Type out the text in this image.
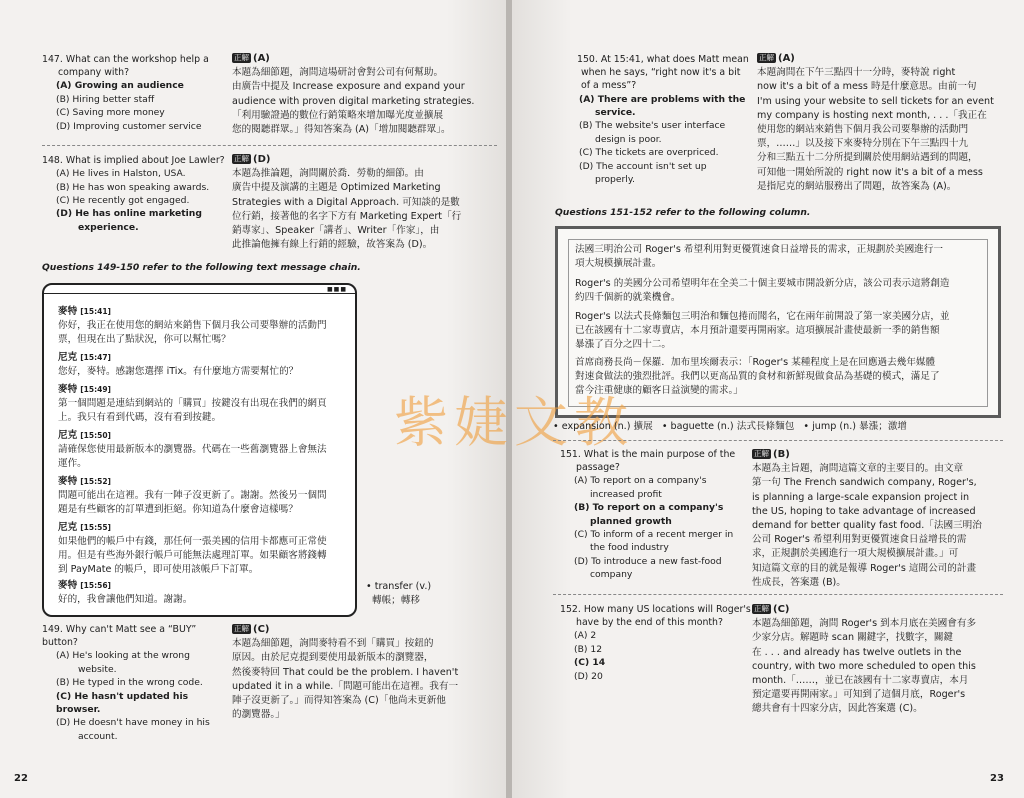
147. What can the workshop help a
company with?
(A) Growing an audience
(B) Hiring better staff
(C) Saving more money
(D) Improving customer service
正解 (A)
本題為細節題，詢問這場研討會對公司有何幫助。
由廣告中提及 Increase exposure and expand your
audience with proven digital marketing strategies.
「利用驗證過的數位行銷策略來增加曝光度並擴展
您的閱聽群眾。」得知答案為 (A)「增加閱聽群眾」。
148. What is implied about Joe Lawler?
(A) He lives in Halston, USA.
(B) He has won speaking awards.
(C) He recently got engaged.
(D) He has online marketing
experience.
正解 (D)
本題為推論題，詢問關於喬．勞勒的細節。由
廣告中提及演講的主題是 Optimized Marketing
Strategies with a Digital Approach. 可知談的是數
位行銷，接著他的名字下方有 Marketing Expert「行
銷專家」、Speaker「講者」、Writer「作家」，由
此推論他擁有線上行銷的經驗，故答案為 (D)。
Questions 149-150 refer to the following text message chain.
■■■
麥特 [15:41]
你好，我正在使用您的網站來銷售下個月我公司要舉辦的活動門
票，但現在出了點狀況，你可以幫忙嗎？
尼克 [15:47]
您好，麥特。感謝您選擇 iTix。有什麼地方需要幫忙的？
麥特 [15:49]
第一個問題是連結到網站的「購買」按鍵沒有出現在我們的網頁
上。我只有看到代碼，沒有看到按鍵。
尼克 [15:50]
請確保您使用最新版本的瀏覽器。代碼在一些舊瀏覽器上會無法
運作。
麥特 [15:52]
問題可能出在這裡。我有一陣子沒更新了。謝謝。然後另一個問
題是有些顧客的訂單遭到拒絕。你知道為什麼會這樣嗎？
尼克 [15:55]
如果他們的帳戶中有錢，那任何一張美國的信用卡都應可正常使
用。但是有些海外銀行帳戶可能無法處理訂單。如果顧客將錢轉
到 PayMate 的帳戶，即可使用該帳戶下訂單。
麥特 [15:56]
好的，我會讓他們知道。謝謝。
• transfer (v.)
轉帳；轉移
149. Why can't Matt see a “BUY” button?
(A) He's looking at the wrong
website.
(B) He typed in the wrong code.
(C) He hasn't updated his browser.
(D) He doesn't have money in his
account.
正解 (C)
本題為細節題，詢問麥特看不到「購買」按鈕的
原因。由於尼克提到要使用最新版本的瀏覽器，
然後麥特回 That could be the problem. I haven't
updated it in a while.「問題可能出在這裡。我有一
陣子沒更新了。」而得知答案為 (C)「他尚未更新他
的瀏覽器。」
22
150. At 15:41, what does Matt mean
when he says, “right now it's a bit
of a mess”?
(A) There are problems with the
service.
(B) The website's user interface
design is poor.
(C) The tickets are overpriced.
(D) The account isn't set up
properly.
正解 (A)
本題詢問在下午三點四十一分時，麥特說 right
now it's a bit of a mess 時是什麼意思。由前一句
I'm using your website to sell tickets for an event
my company is hosting next month, . . .「我正在
使用您的網站來銷售下個月我公司要舉辦的活動門
票，……」以及接下來麥特分別在下午三點四十九
分和三點五十二分所提到關於使用網站遇到的問題，
可知他一開始所說的 right now it's a bit of a mess
是指尼克的網站服務出了問題，故答案為 (A)。
Questions 151-152 refer to the following column.
法國三明治公司 Roger's 希望利用對更優質速食日益增長的需求，正規劃於美國進行一
項大規模擴展計畫。
Roger's 的美國分公司希望明年在全美二十個主要城市開設新分店，該公司表示這將創造
約四千個新的就業機會。
Roger's 以法式長條麵包三明治和麵包捲而聞名，它在兩年前開設了第一家美國分店，並
已在該國有十二家專賣店，本月預計還要再開兩家。這項擴展計畫使最新一季的銷售額
暴漲了百分之四十二。
首席商務長尚－保羅．加布里埃爾表示：「Roger's 某種程度上是在回應過去幾年媒體
對速食做法的強烈批評。我們以更高品質的食材和新鮮現做食品為基礎的模式，滿足了
當今注重健康的顧客日益演變的需求。」
紫婕文教
• expansion (n.) 擴展   • baguette (n.) 法式長條麵包   • jump (n.) 暴漲；激增
151. What is the main purpose of the
passage?
(A) To report on a company's
increased profit
(B) To report on a company's
planned growth
(C) To inform of a recent merger in
the food industry
(D) To introduce a new fast-food
company
正解 (B)
本題為主旨題，詢問這篇文章的主要目的。由文章
第一句 The French sandwich company, Roger's,
is planning a large-scale expansion project in
the US, hoping to take advantage of increased
demand for better quality fast food.「法國三明治
公司 Roger's 希望利用對更優質速食日益增長的需
求，正規劃於美國進行一項大規模擴展計畫。」可
知這篇文章的目的就是報導 Roger's 這間公司的計畫
性成長，答案選 (B)。
152. How many US locations will Roger's
have by the end of this month?
(A) 2
(B) 12
(C) 14
(D) 20
正解 (C)
本題為細節題，詢問 Roger's 到本月底在美國會有多
少家分店。解題時 scan 關鍵字，找數字，關鍵
在 . . . and already has twelve outlets in the
country, with two more scheduled to open this
month.「……，並已在該國有十二家專賣店，本月
預定還要再開兩家。」可知到了這個月底，Roger's
總共會有十四家分店，因此答案選 (C)。
23
